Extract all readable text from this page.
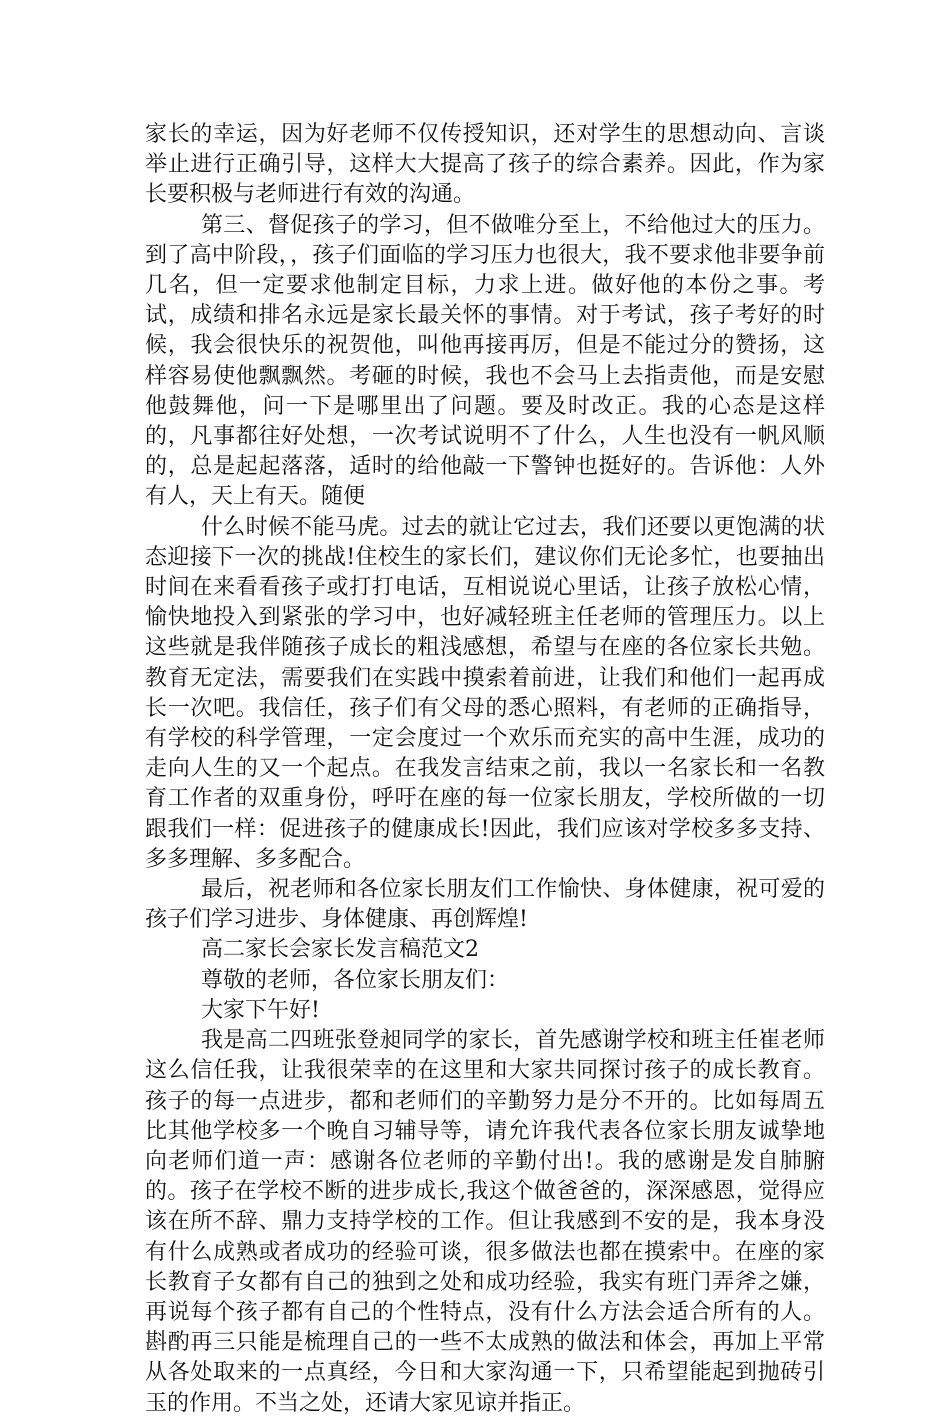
家长的幸运，因为好老师不仅传授知识，还对学生的思想动向、言谈举止进行正确引导，这样大大提高了孩子的综合素养。因此，作为家长要积极与老师进行有效的沟通。

第三、督促孩子的学习，但不做唯分至上，不给他过大的压力。到了高中阶段，，孩子们面临的学习压力也很大，我不要求他非要争前几名，但一定要求他制定目标，力求上进。做好他的本份之事。考试，成绩和排名永远是家长最关怀的事情。对于考试，孩子考好的时候，我会很快乐的祝贺他，叫他再接再厉，但是不能过分的赞扬，这样容易使他飘飘然。考砸的时候，我也不会马上去指责他，而是安慰他鼓舞他，问一下是哪里出了问题。要及时改正。我的心态是这样的，凡事都往好处想，一次考试说明不了什么，人生也没有一帆风顺的，总是起起落落，适时的给他敲一下警钟也挺好的。告诉他：人外有人，天上有天。随便

什么时候不能马虎。过去的就让它过去，我们还要以更饱满的状态迎接下一次的挑战!住校生的家长们，建议你们无论多忙，也要抽出时间在来看看孩子或打打电话，互相说说心里话，让孩子放松心情，愉快地投入到紧张的学习中，也好减轻班主任老师的管理压力。以上这些就是我伴随孩子成长的粗浅感想，希望与在座的各位家长共勉。教育无定法，需要我们在实践中摸索着前进，让我们和他们一起再成长一次吧。我信任，孩子们有父母的悉心照料，有老师的正确指导，有学校的科学管理，一定会度过一个欢乐而充实的高中生涯，成功的走向人生的又一个起点。在我发言结束之前，我以一名家长和一名教育工作者的双重身份，呼吁在座的每一位家长朋友，学校所做的一切跟我们一样：促进孩子的健康成长!因此，我们应该对学校多多支持、多多理解、多多配合。

最后，祝老师和各位家长朋友们工作愉快、身体健康，祝可爱的孩子们学习进步、身体健康、再创辉煌!

高二家长会家长发言稿范文2

尊敬的老师，各位家长朋友们：

大家下午好!

我是高二四班张登昶同学的家长，首先感谢学校和班主任崔老师这么信任我，让我很荣幸的在这里和大家共同探讨孩子的成长教育。孩子的每一点进步，都和老师们的辛勤努力是分不开的。比如每周五比其他学校多一个晚自习辅导等，请允许我代表各位家长朋友诚挚地向老师们道一声：感谢各位老师的辛勤付出!。我的感谢是发自肺腑的。孩子在学校不断的进步成长,我这个做爸爸的，深深感恩，觉得应该在所不辞、鼎力支持学校的工作。但让我感到不安的是，我本身没有什么成熟或者成功的经验可谈，很多做法也都在摸索中。在座的家长教育子女都有自己的独到之处和成功经验，我实有班门弄斧之嫌，再说每个孩子都有自己的个性特点，没有什么方法会适合所有的人。斟酌再三只能是梳理自己的一些不太成熟的做法和体会，再加上平常从各处取来的一点真经，今日和大家沟通一下，只希望能起到抛砖引玉的作用。不当之处，还请大家见谅并指正。
